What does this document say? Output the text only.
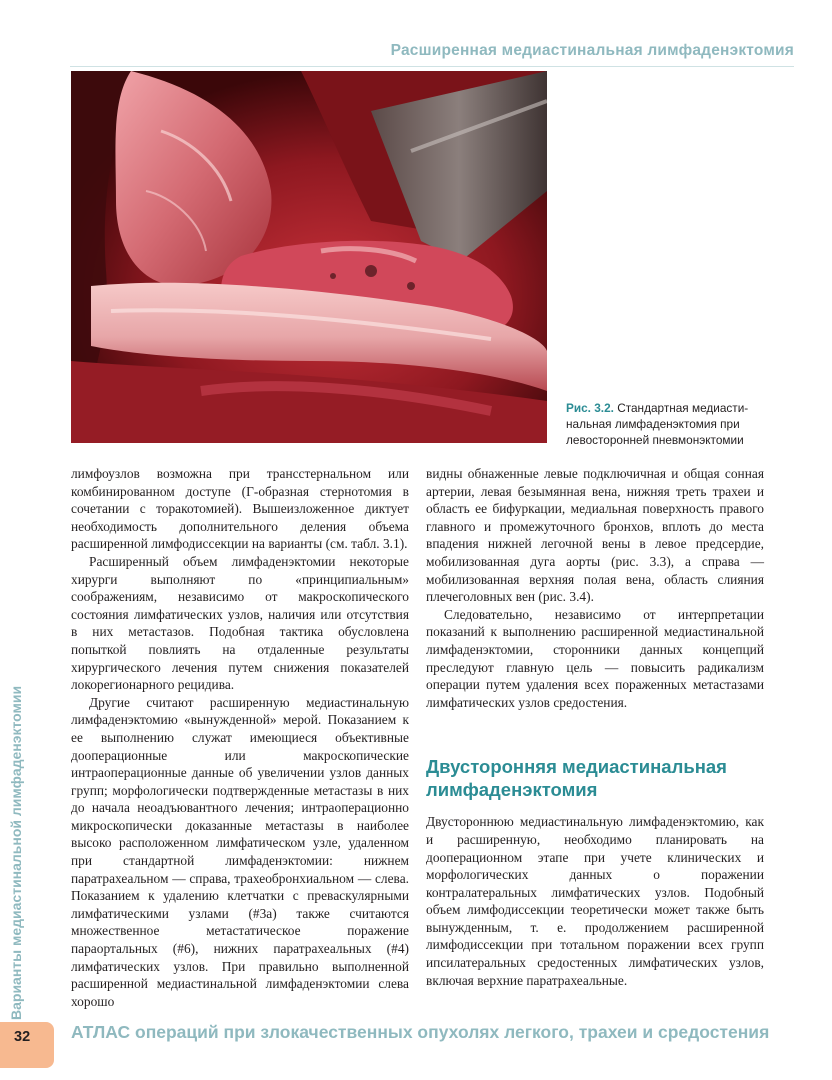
Расширенная медиастинальная лимфаденэктомия
Рис. 3.2. Стандартная медиасти-
нальная лимфаденэктомия при
левосторонней пневмонэктомии

лимфоузлов возможна при трансстернальном или комбинированном доступе (Г-образная стернотомия в сочетании с торакотомией). Вышеизложенное диктует необходимость дополнительного деления объема расширенной лимфодиссекции на варианты (см. табл. 3.1).

Расширенный объем лимфаденэктомии некоторые хирурги выполняют по «принципиальным» соображениям, независимо от макроскопического состояния лимфатических узлов, наличия или отсутствия в них метастазов. Подобная тактика обусловлена попыткой повлиять на отдаленные результаты хирургического лечения путем снижения показателей локорегионарного рецидива.

Другие считают расширенную медиастинальную лимфаденэктомию «вынужденной» мерой. Показанием к ее выполнению служат имеющиеся объективные дооперационные или макроскопические интраоперационные данные об увеличении узлов данных групп; морфологически подтвержденные метастазы в них до начала неоадъювантного лечения; интраоперационно микроскопически доказанные метастазы в наиболее высоко расположенном лимфатическом узле, удаленном при стандартной лимфаденэктомии: нижнем паратрахеальном — справа, трахеобронхиальном — слева. Показанием к удалению клетчатки с превaскулярными лимфатическими узлами (#3a) также считаются множественное метастатическое поражение параортальных (#6), нижних паратрахеальных (#4) лимфатических узлов. При правильно выполненной расширенной медиастинальной лимфаденэктомии слева хорошо

видны обнаженные левые подключичная и общая сонная артерии, левая безымянная вена, нижняя треть трахеи и область ее бифуркации, медиальная поверхность правого главного и промежуточного бронхов, вплоть до места впадения нижней легочной вены в левое предсердие, мобилизованная дуга аорты (рис. 3.3), а справа — мобилизованная верхняя полая вена, область слияния плечеголовных вен (рис. 3.4).

Следовательно, независимо от интерпретации показаний к выполнению расширенной медиастинальной лимфаденэктомии, сторонники данных концепций преследуют главную цель — повысить радикализм операции путем удаления всех пораженных метастазами лимфатических узлов средостения.

Двусторонняя медиастинальная лимфаденэктомия

Двустороннюю медиастинальную лимфаденэктомию, как и расширенную, необходимо планировать на дооперационном этапе при учете клинических и морфологических данных о поражении контралатеральных лимфатических узлов. Подобный объем лимфодиссекции теоретически может также быть вынужденным, т. е. продолжением расширенной лимфодиссекции при тотальном поражении всех групп ипсилатеральных средостенных лимфатических узлов, включая верхние паратрахеальные.

Варианты медиастинальной лимфаденэктомии
32 АТЛАС операций при злокачественных опухолях легкого, трахеи и средостения
